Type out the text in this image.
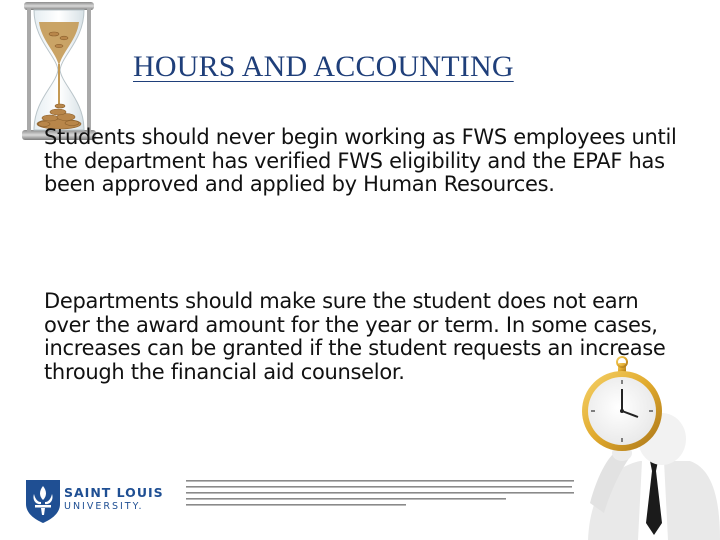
HOURS AND ACCOUNTING

Students should never begin working as FWS employees until the department has verified FWS eligibility and the EPAF has been approved and applied by Human Resources.

Departments should make sure the student does not earn over the award amount for the year or term. In some cases, increases can be granted if the student requests an increase through the financial aid counselor.

SAINT LOUIS
UNIVERSITY.
